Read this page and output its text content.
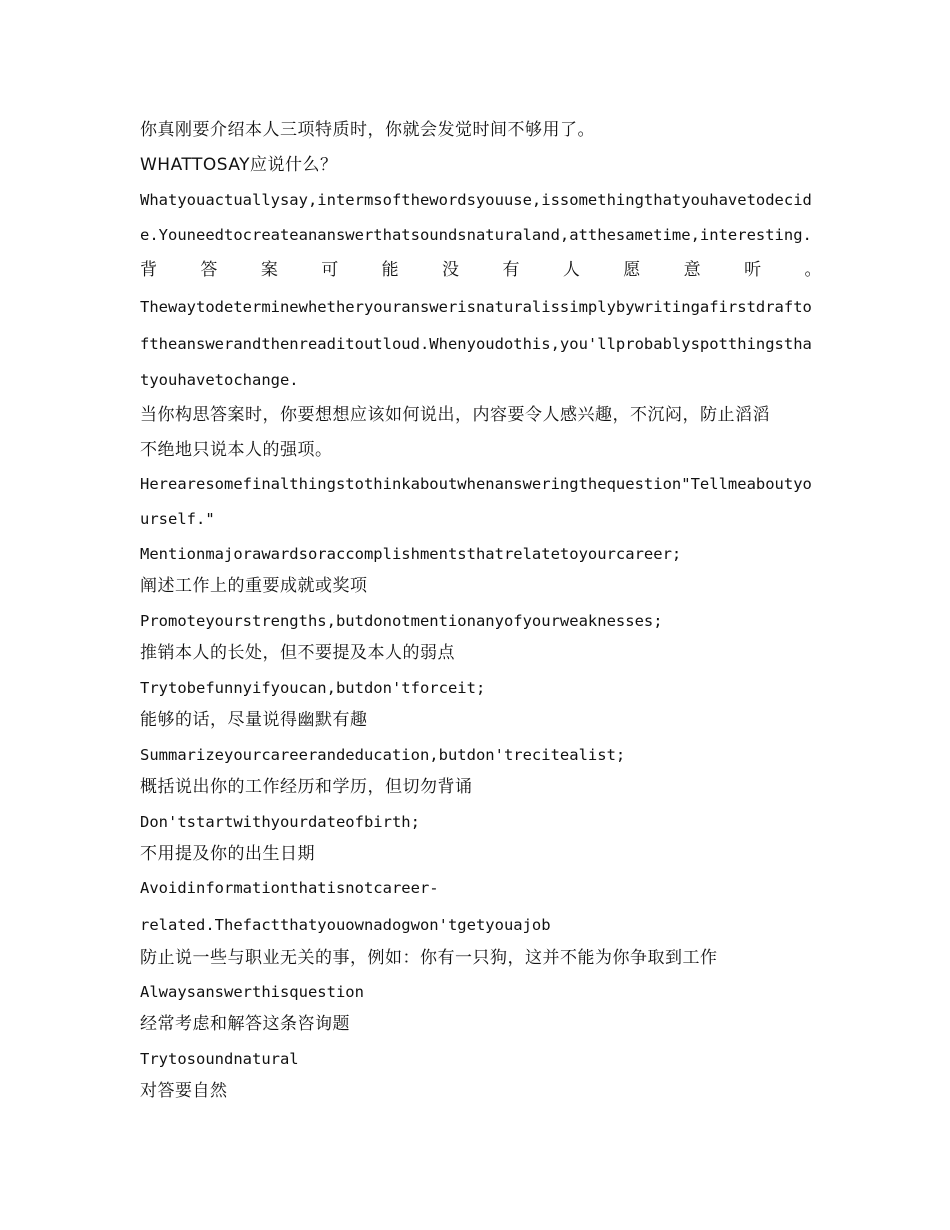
你真刚要介绍本人三项特质时，你就会发觉时间不够用了。
WHATTOSAY应说什么？
Whatyouactuallysay,intermsofthewordsyouuse,issomethingthatyouhavetodecid
e.Youneedtocreateananswerthatsoundsnaturaland,atthesametime,interesting.
背	答	案	可	能	没	有	人	愿	意	听	。
Thewaytodeterminewhetheryouranswerisnaturalissimplybywritingafirstdraftо
ftheanswerandthenreaditoutloud.Whenyoudothis,you'llprobablyspotthingstha
tyouhavetochange.
当你构思答案时，你要想想应该如何说出，内容要令人感兴趣，不沉闷，防止滔滔
不绝地只说本人的强项。
Herearesomefinalthingstothinkaboutwhenansweringthequestion"Tellmeaboutyo
urself."
Mentionmajorawardsoraccomplishmentsthatrelatetoyourcareer;
阐述工作上的重要成就或奖项
Promoteyourstrengths,butdonotmentionanyofyourweaknesses;
推销本人的长处，但不要提及本人的弱点
Trytobefunnyifyoucan,butdon'tforceit;
能够的话，尽量说得幽默有趣
Summarizeyourcareerandeducation,butdon'trecitealist;
概括说出你的工作经历和学历，但切勿背诵
Don'tstartwithyourdateofbirth;
不用提及你的出生日期
Avoidinformationthatisnotcareer-
related.Thefactthatyouownadogwon'tgetyouajob
防止说一些与职业无关的事，例如：你有一只狗，这并不能为你争取到工作
Alwaysanswerthisquestion
经常考虑和解答这条咨询题
Trytosoundnatural
对答要自然
